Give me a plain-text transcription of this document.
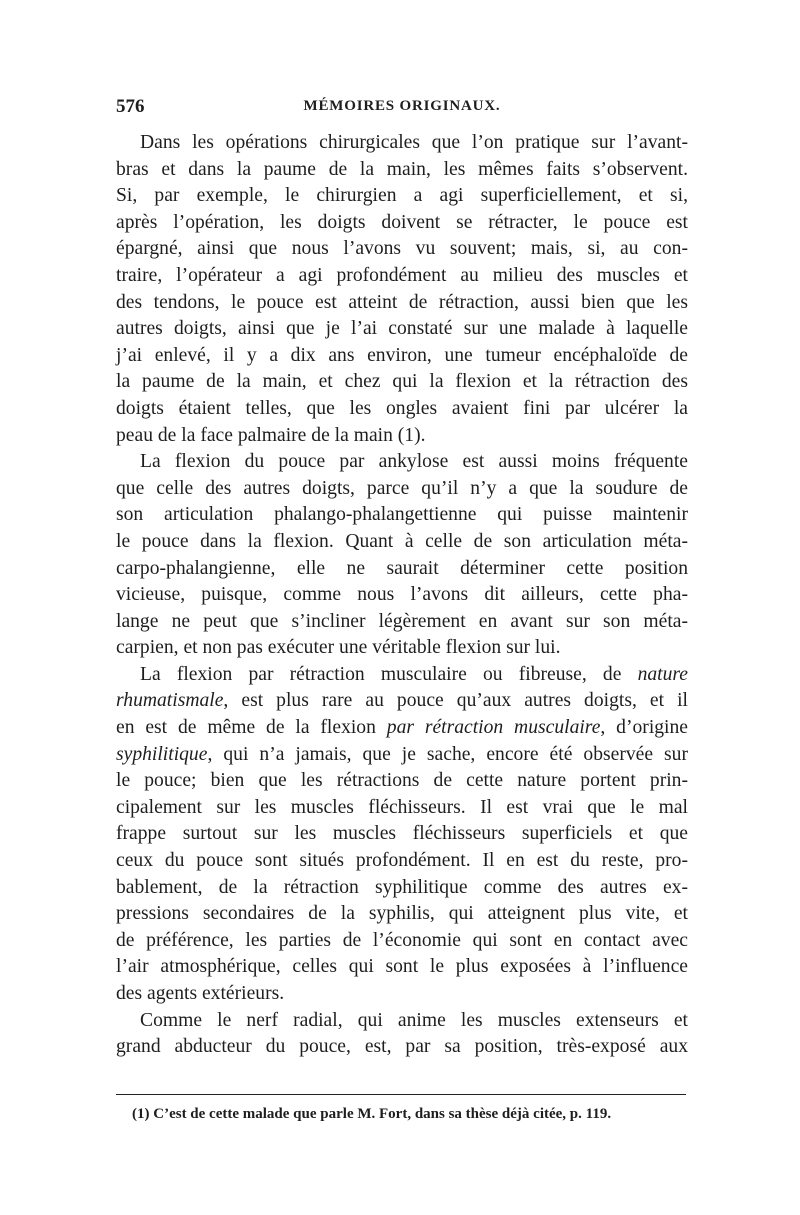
576	MÉMOIRES ORIGINAUX.
Dans les opérations chirurgicales que l’on pratique sur l’avant-
bras et dans la paume de la main, les mêmes faits s’observent.
Si, par exemple, le chirurgien a agi superficiellement, et si,
après l’opération, les doigts doivent se rétracter, le pouce est
épargné, ainsi que nous l’avons vu souvent; mais, si, au con-
traire, l’opérateur a agi profondément au milieu des muscles et
des tendons, le pouce est atteint de rétraction, aussi bien que les
autres doigts, ainsi que je l’ai constaté sur une malade à laquelle
j’ai enlevé, il y a dix ans environ, une tumeur encéphaloïde de
la paume de la main, et chez qui la flexion et la rétraction des
doigts étaient telles, que les ongles avaient fini par ulcérer la
peau de la face palmaire de la main (1).
La flexion du pouce par ankylose est aussi moins fréquente
que celle des autres doigts, parce qu’il n’y a que la soudure de
son articulation phalango-phalangettienne qui puisse maintenir
le pouce dans la flexion. Quant à celle de son articulation méta-
carpo-phalangienne, elle ne saurait déterminer cette position
vicieuse, puisque, comme nous l’avons dit ailleurs, cette pha-
lange ne peut que s’incliner légèrement en avant sur son méta-
carpien, et non pas exécuter une véritable flexion sur lui.
La flexion par rétraction musculaire ou fibreuse, de nature
rhumatismale, est plus rare au pouce qu’aux autres doigts, et il
en est de même de la flexion par rétraction musculaire, d’origine
syphilitique, qui n’a jamais, que je sache, encore été observée sur
le pouce; bien que les rétractions de cette nature portent prin-
cipalement sur les muscles fléchisseurs. Il est vrai que le mal
frappe surtout sur les muscles fléchisseurs superficiels et que
ceux du pouce sont situés profondément. Il en est du reste, pro-
bablement, de la rétraction syphilitique comme des autres ex-
pressions secondaires de la syphilis, qui atteignent plus vite, et
de préférence, les parties de l’économie qui sont en contact avec
l’air atmosphérique, celles qui sont le plus exposées à l’influence
des agents extérieurs.
Comme le nerf radial, qui anime les muscles extenseurs et
grand abducteur du pouce, est, par sa position, très-exposé aux
(1) C’est de cette malade que parle M. Fort, dans sa thèse déjà citée, p. 119.
